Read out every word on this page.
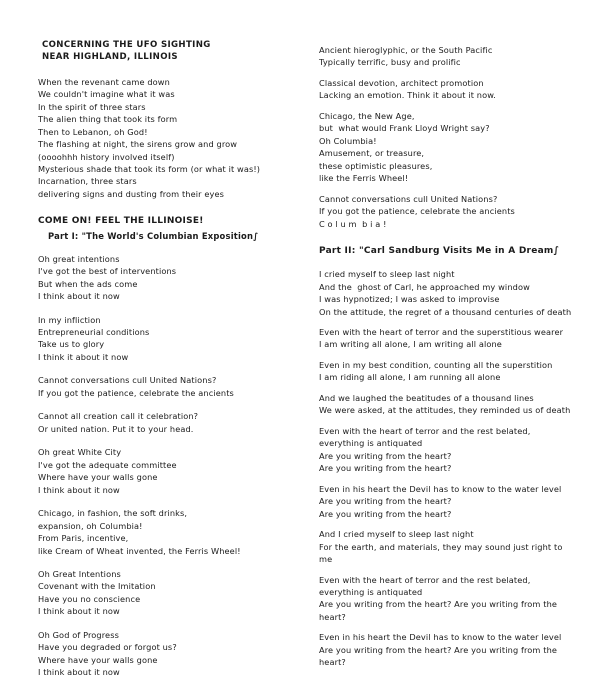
CONCERNING THE UFO SIGHTING
NEAR HIGHLAND, ILLINOIS
When the revenant came down
We couldn't imagine what it was
In the spirit of three stars
The alien thing that took its form
Then to Lebanon, oh God!
The flashing at night, the sirens grow and grow
(oooohhh history involved itself)
Mysterious shade that took its form (or what it was!)
Incarnation, three stars
delivering signs and dusting from their eyes
COME ON! FEEL THE ILLINOISE!
Part I: "The World's Columbian Exposition∫
Oh great intentions
I've got the best of interventions
But when the ads come
I think about it now
In my infliction
Entrepreneurial conditions
Take us to glory
I think it about it now
Cannot conversations cull United Nations?
If you got the patience, celebrate the ancients
Cannot all creation call it celebration?
Or united nation. Put it to your head.
Oh great White City
I've got the adequate committee
Where have your walls gone
I think about it now
Chicago, in fashion, the soft drinks,
expansion, oh Columbia!
From Paris, incentive,
like Cream of Wheat invented, the Ferris Wheel!
Oh Great Intentions
Covenant with the Imitation
Have you no conscience
I think about it now
Oh God of Progress
Have you degraded or forgot us?
Where have your walls gone
I think about it now
Ancient hieroglyphic, or the South Pacific
Typically terrific, busy and prolific
Classical devotion, architect promotion
Lacking an emotion. Think it about it now.
Chicago, the New Age,
but  what would Frank Lloyd Wright say?
Oh Columbia!
Amusement, or treasure,
these optimistic pleasures,
like the Ferris Wheel!
Cannot conversations cull United Nations?
If you got the patience, celebrate the ancients
C o l u m  b i a !
Part II: "Carl Sandburg Visits Me in A Dream∫
I cried myself to sleep last night
And the  ghost of Carl, he approached my window
I was hypnotized; I was asked to improvise
On the attitude, the regret of a thousand centuries of death
Even with the heart of terror and the superstitious wearer
I am writing all alone, I am writing all alone
Even in my best condition, counting all the superstition
I am riding all alone, I am running all alone
And we laughed the beatitudes of a thousand lines
We were asked, at the attitudes, they reminded us of death
Even with the heart of terror and the rest belated, everything is antiquated
Are you writing from the heart?
Are you writing from the heart?
Even in his heart the Devil has to know to the water level
Are you writing from the heart?
Are you writing from the heart?
And I cried myself to sleep last night
For the earth, and materials, they may sound just right to me
Even with the heart of terror and the rest belated, everything is antiquated
Are you writing from the heart? Are you writing from the heart?
Even in his heart the Devil has to know to the water level
Are you writing from the heart? Are you writing from the heart?
